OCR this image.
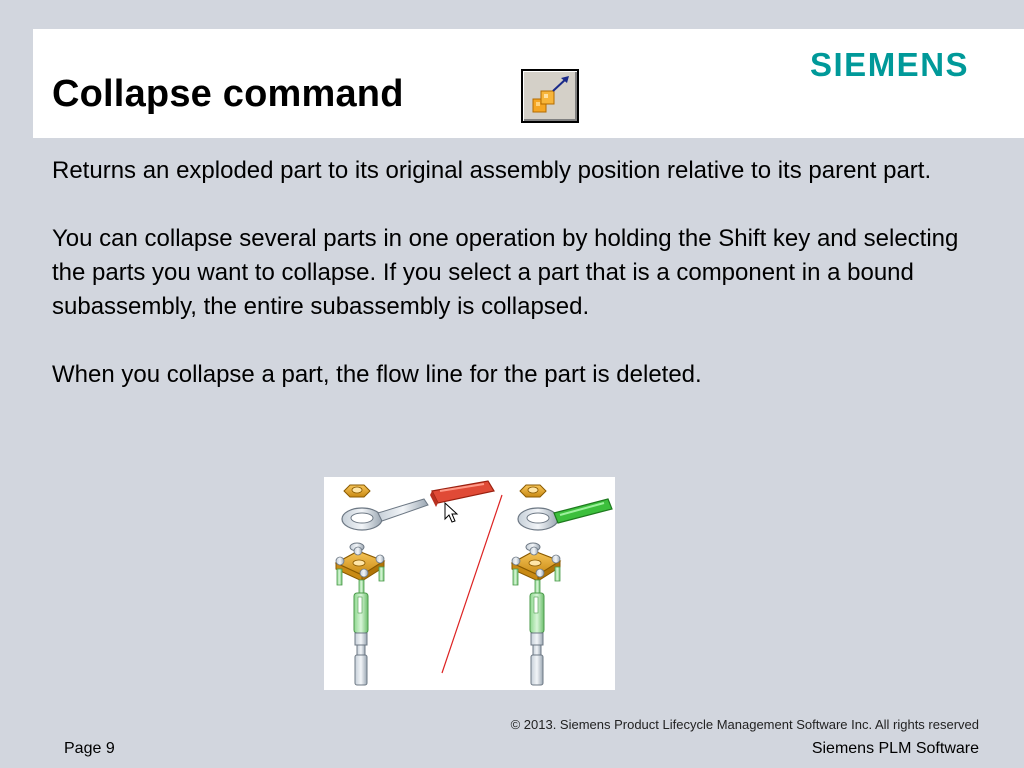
Collapse command
SIEMENS

Returns an exploded part to its original assembly position relative to its parent part.

You can collapse several parts in one operation by holding the Shift key and selecting the parts you want to collapse. If you select a part that is a component in a bound subassembly, the entire subassembly is collapsed.

When you collapse a part, the flow line for the part is deleted.

© 2013. Siemens Product Lifecycle Management Software Inc. All rights reserved
Page 9	Siemens PLM Software
